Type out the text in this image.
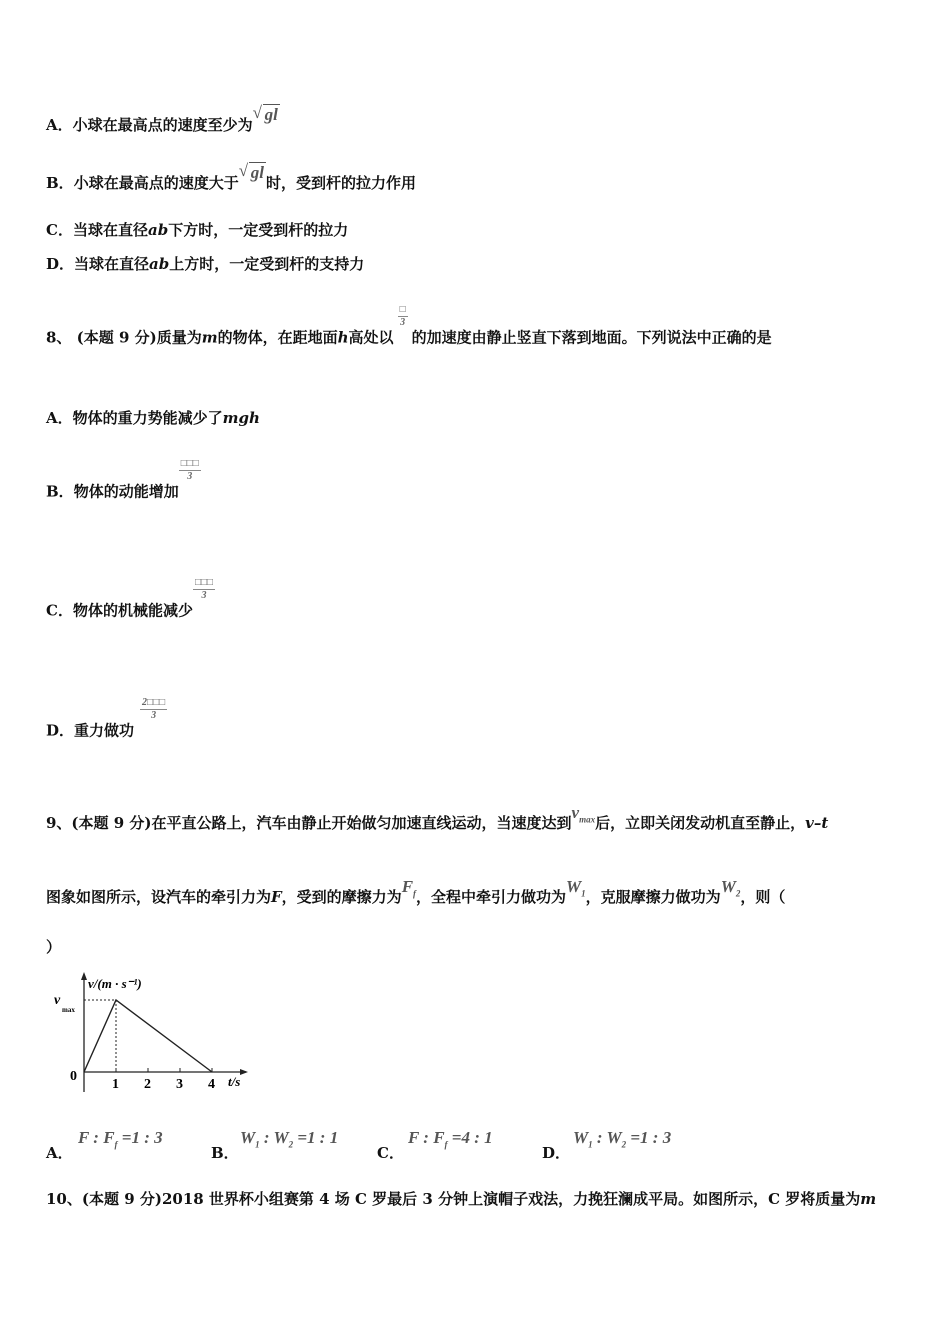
A．小球在最高点的速度至少为
√ gl
B．小球在最高点的速度大于
√ gl时，受到杆的拉力作用
C．当球在直径ab下方时，一定受到杆的拉力
D．当球在直径ab上方时，一定受到杆的支持力
8、 (本题 9 分)质量为m的物体，在距地面h高处以
$\frac{□}{3}$
的加速度由静止竖直下落到地面。下列说法中正确的是
A．物体的重力势能减少了mgh
B．物体的动能增加
$\frac{□□□}{3}$
C．物体的机械能减少
$\frac{□□□}{3}$
D．重力做功
$\frac{2□□□}{3}$
9、(本题 9 分)在平直公路上，汽车由静止开始做匀加速直线运动，当速度达到$v_{max}$后，立即关闭发动机直至静止，v–t
图象如图所示，设汽车的牵引力为F，受到的摩擦力为$F_f$，全程中牵引力做功为$W_1$，克服摩擦力做功为$W_2$，则（
）
v/(m · s⁻¹)
v
max
0
1 2 3 4 t/s
A．
F : $F_f =1$ : 3
B．
$W_1$ : $W_2 =1$ : 1
C．
F : $F_f =4$ : 1
D．
$W_1$ : $W_2 =1$ : 3
10、(本题 9 分)2018 世界杯小组赛第 4 场 C 罗最后 3 分钟上演帽子戏法，力挽狂澜成平局。如图所示，C 罗将质量为m
